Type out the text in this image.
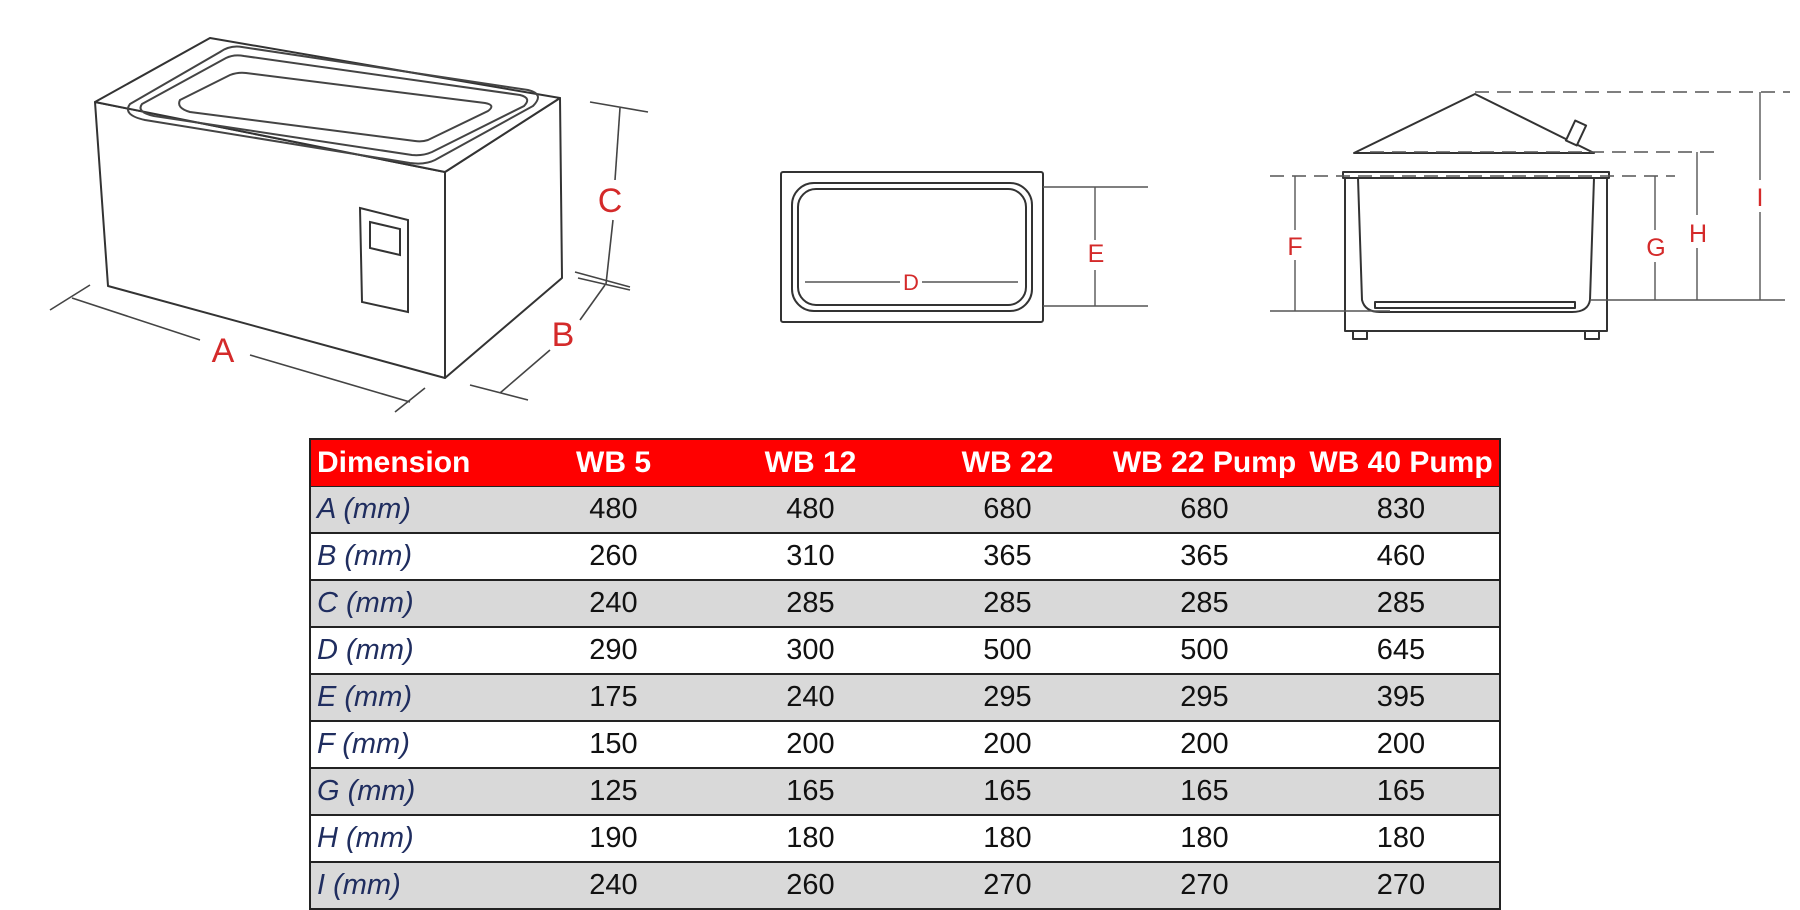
A	B
C
D
E	F	G H
I
Dimension	WB 5	WB 12	WB 22	WB 22 Pump	WB 40 Pump
A (mm)	480	480	680	680	830
B (mm)	260	310	365	365	460
C (mm)	240	285	285	285	285
D (mm)	290	300	500	500	645
E (mm)	175	240	295	295	395
F (mm)	150	200	200	200	200
G (mm)	125	165	165	165	165
H (mm)	190	180	180	180	180
I (mm)	240	260	270	270	270
